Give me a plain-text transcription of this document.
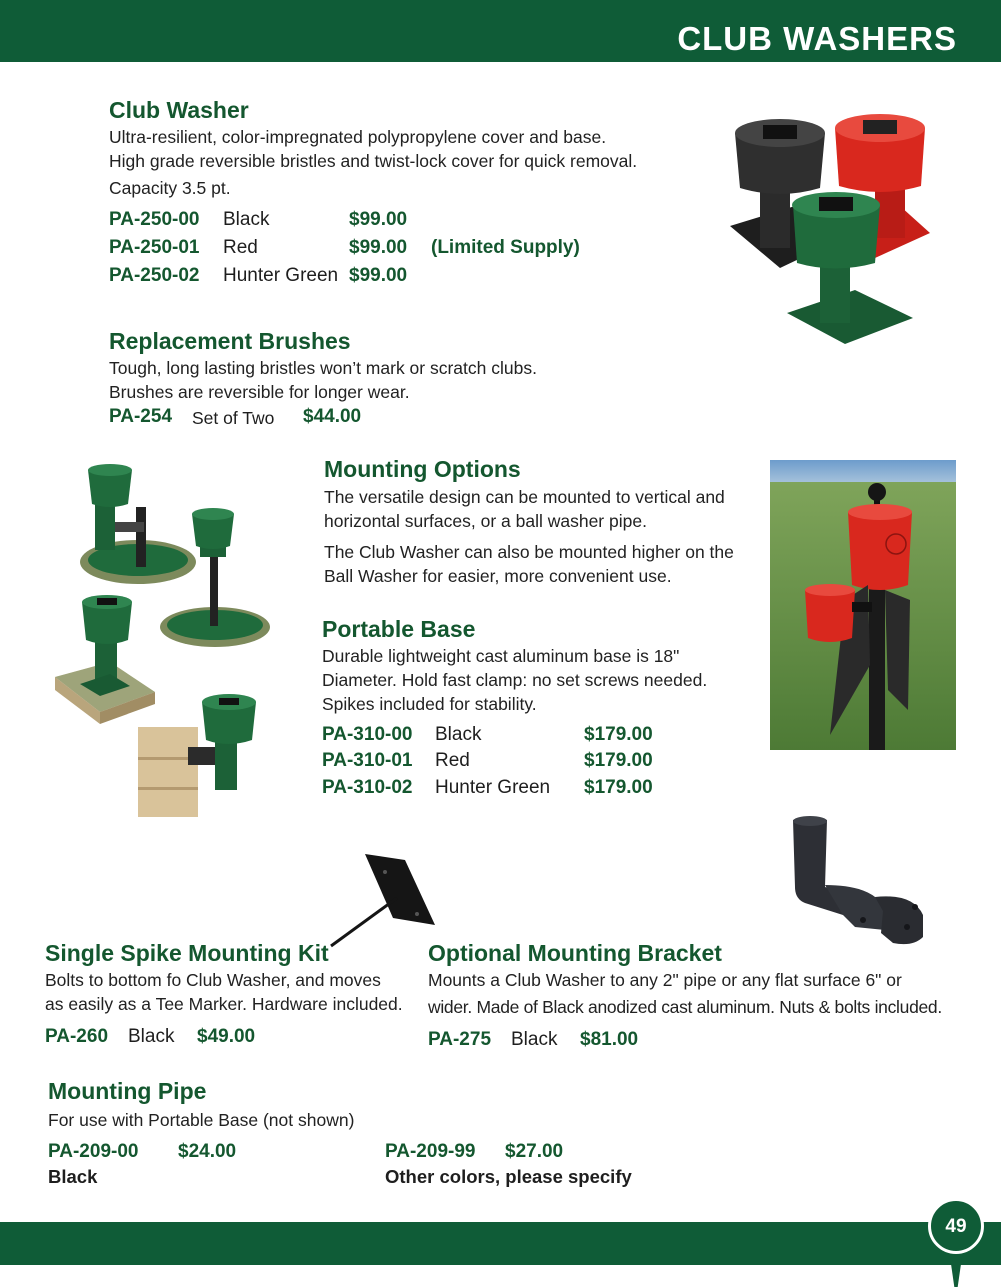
CLUB WASHERS
Club Washer
Ultra-resilient, color-impregnated polypropylene cover and base.
High grade reversible bristles and twist-lock cover for quick removal.
Capacity 3.5 pt.
PA-250-00 Black	$99.00
PA-250-01 Red	$99.00 (Limited Supply)
PA-250-02 Hunter Green $99.00
Replacement Brushes
Tough, long lasting bristles won’t mark or scratch clubs.
Brushes are reversible for longer wear.
PA-254 Set of Two $44.00
Mounting Options
The versatile design can be mounted to vertical and
horizontal surfaces, or a ball washer pipe.
The Club Washer can also be mounted higher on the
Ball Washer for easier, more convenient use.
Portable Base
Durable lightweight cast aluminum base is 18"
Diameter. Hold fast clamp: no set screws needed.
Spikes included for stability.
PA-310-00 Black	$179.00
PA-310-01 Red	$179.00
PA-310-02 Hunter Green $179.00
Single Spike Mounting Kit
Bolts to bottom fo Club Washer, and moves
as easily as a Tee Marker. Hardware included.
PA-260 Black $49.00
Optional Mounting Bracket
Mounts a Club Washer to any 2" pipe or any flat surface 6" or
wider. Made of Black anodized cast aluminum. Nuts & bolts included.
PA-275 Black $81.00
Mounting Pipe
For use with Portable Base (not shown)
PA-209-00 $24.00
Black
PA-209-99 $27.00
Other colors, please specify
49
